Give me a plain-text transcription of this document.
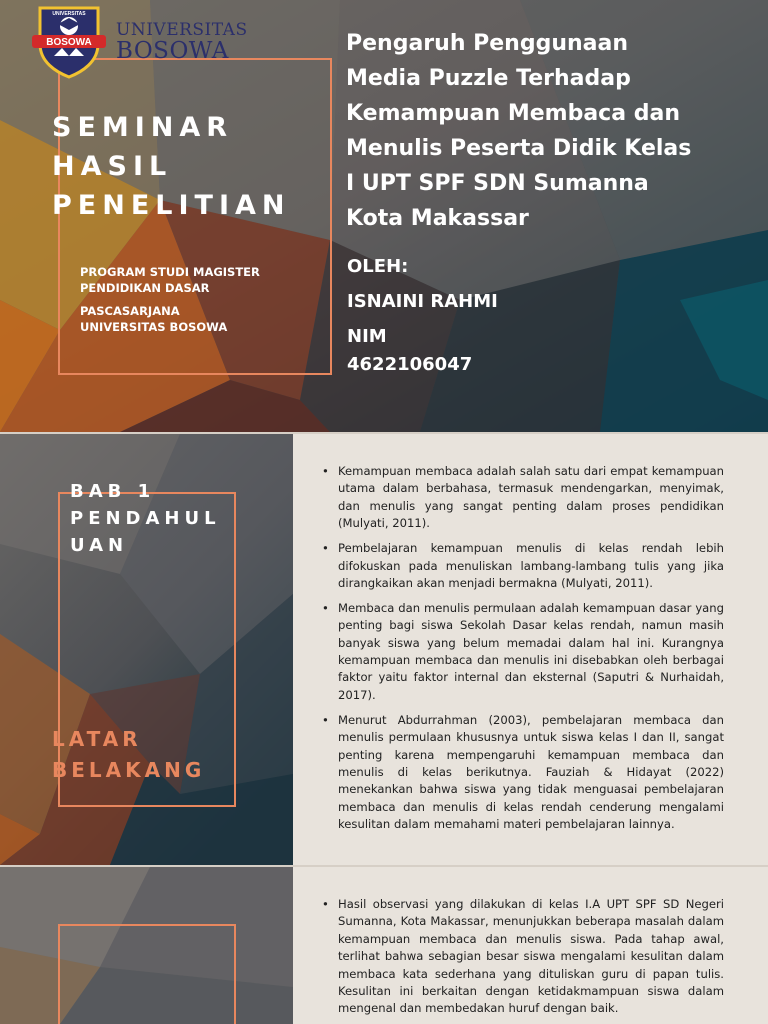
BOSOWA
UNIVERSITAS
UNIVERSITAS
BOSOWA
SEMINAR
HASIL
PENELITIAN
PROGRAM STUDI MAGISTER
PENDIDIKAN DASAR
PASCASARJANA
UNIVERSITAS BOSOWA
Pengaruh Penggunaan
Media Puzzle Terhadap
Kemampuan Membaca dan
Menulis Peserta Didik Kelas
I UPT SPF SDN Sumanna
Kota Makassar
OLEH:
ISNAINI RAHMI
NIM
4622106047
BAB 1
PENDAHUL
UAN
LATAR
BELAKANG
• Kemampuan membaca adalah salah satu dari empat kemampuan utama dalam berbahasa, termasuk mendengarkan, menyimak, dan menulis yang sangat penting dalam proses pendidikan (Mulyati, 2011).
• Pembelajaran kemampuan menulis di kelas rendah lebih difokuskan pada menuliskan lambang-lambang tulis yang jika dirangkaikan akan menjadi bermakna (Mulyati, 2011).
• Membaca dan menulis permulaan adalah kemampuan dasar yang penting bagi siswa Sekolah Dasar kelas rendah, namun masih banyak siswa yang belum memadai dalam hal ini. Kurangnya kemampuan membaca dan menulis ini disebabkan oleh berbagai faktor yaitu faktor internal dan eksternal (Saputri & Nurhaidah, 2017).
• Menurut Abdurrahman (2003), pembelajaran membaca dan menulis permulaan khususnya untuk siswa kelas I dan II, sangat penting karena mempengaruhi kemampuan membaca dan menulis di kelas berikutnya. Fauziah & Hidayat (2022) menekankan bahwa siswa yang tidak menguasai pembelajaran membaca dan menulis di kelas rendah cenderung mengalami kesulitan dalam memahami materi pembelajaran lainnya.
• Hasil observasi yang dilakukan di kelas I.A UPT SPF SD Negeri Sumanna, Kota Makassar, menunjukkan beberapa masalah dalam kemampuan membaca dan menulis siswa. Pada tahap awal, terlihat bahwa sebagian besar siswa mengalami kesulitan dalam membaca kata sederhana yang dituliskan guru di papan tulis. Kesulitan ini berkaitan dengan ketidakmampuan siswa dalam mengenal dan membedakan huruf dengan baik.
